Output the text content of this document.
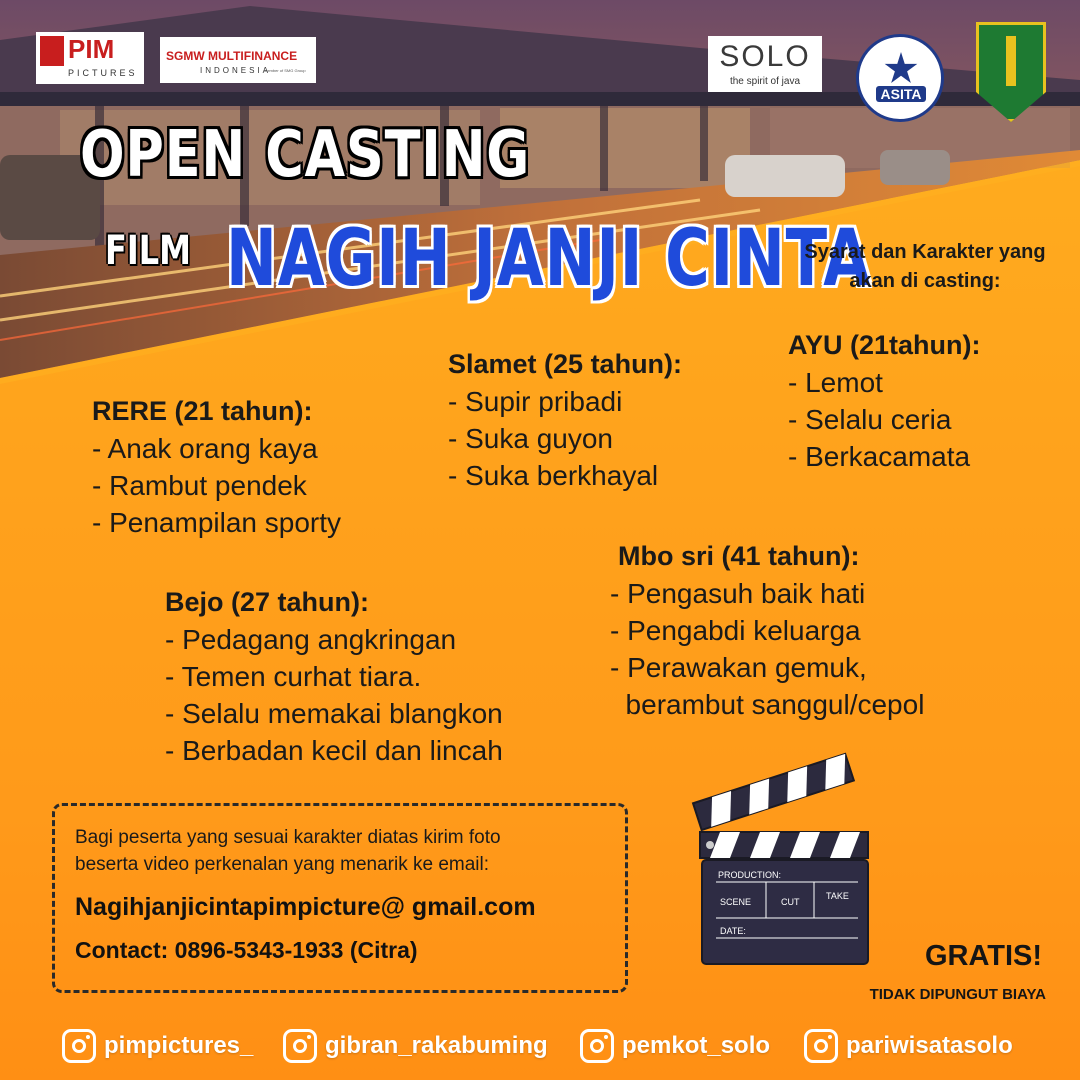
PIM
PICTURES
SGMW MULTIFINANCE
INDONESIA
member of SMG Group	SOLO
the spirit of java
ASITA
OPEN CASTING
FILM NAGIH JANJI CINTA
Syarat dan Karakter yang akan di casting:
RERE (21 tahun):
- Anak orang kaya
- Rambut pendek
- Penampilan sporty
Slamet (25 tahun):
- Supir pribadi
- Suka guyon
- Suka berkhayal
AYU (21tahun):
- Lemot
- Selalu ceria
- Berkacamata
Bejo (27 tahun):
- Pedagang angkringan
- Temen curhat tiara.
- Selalu memakai blangkon
- Berbadan kecil dan lincah
Mbo sri (41 tahun):
- Pengasuh baik hati
- Pengabdi keluarga
- Perawakan gemuk,
berambut sanggul/cepol
Bagi peserta yang sesuai karakter diatas kirim foto
beserta video perkenalan yang menarik ke email:
Nagihjanjicintapimpicture@ gmail.com
Contact: 0896-5343-1933 (Citra)
PRODUCTION:
SCENE	CUT
TAKE
DATE:
GRATIS!
TIDAK DIPUNGUT BIAYA
pimpictures_	gibran_rakabuming	pemkot_solo	pariwisatasolo
